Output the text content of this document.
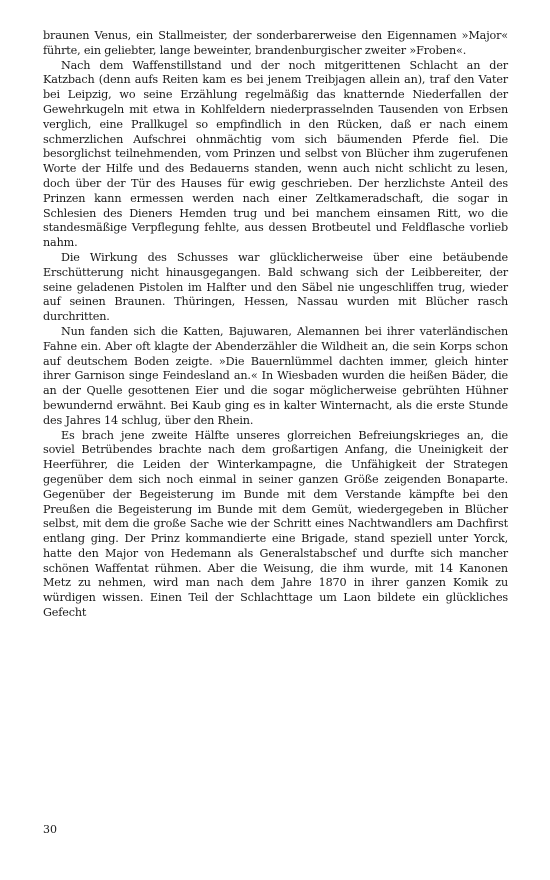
braunen Venus, ein Stallmeister, der sonderbarerweise den Eigennamen »Major« führte, ein geliebter, lange beweinter, brandenburgischer zweiter »Froben«.

Nach dem Waffenstillstand und der noch mitgerittenen Schlacht an der Katzbach (denn aufs Reiten kam es bei jenem Treibjagen allein an), traf den Vater bei Leipzig, wo seine Erzählung regelmäßig das knatternde Niederfallen der Gewehrkugeln mit etwa in Kohlfeldern niederprasselnden Tausenden von Erbsen verglich, eine Prallkugel so empfindlich in den Rücken, daß er nach einem schmerzlichen Aufschrei ohnmächtig vom sich bäumenden Pferde fiel. Die besorglichst teilnehmenden, vom Prinzen und selbst von Blücher ihm zugerufenen Worte der Hilfe und des Bedauerns standen, wenn auch nicht schlicht zu lesen, doch über der Tür des Hauses für ewig geschrieben. Der herzlichste Anteil des Prinzen kann ermessen werden nach einer Zeltkameradschaft, die sogar in Schlesien des Dieners Hemden trug und bei manchem einsamen Ritt, wo die standesmäßige Verpflegung fehlte, aus dessen Brotbeutel und Feldflasche vorlieb nahm.

Die Wirkung des Schusses war glücklicherweise über eine betäubende Erschütterung nicht hinausgegangen. Bald schwang sich der Leibbereiter, der seine geladenen Pistolen im Halfter und den Säbel nie ungeschliffen trug, wieder auf seinen Braunen. Thüringen, Hessen, Nassau wurden mit Blücher rasch durchritten.

Nun fanden sich die Katten, Bajuwaren, Alemannen bei ihrer vaterländischen Fahne ein. Aber oft klagte der Abenderzähler die Wildheit an, die sein Korps schon auf deutschem Boden zeigte. »Die Bauernlümmel dachten immer, gleich hinter ihrer Garnison singe Feindesland an.« In Wiesbaden wurden die heißen Bäder, die an der Quelle gesottenen Eier und die sogar möglicherweise gebrühten Hühner bewundernd erwähnt. Bei Kaub ging es in kalter Winternacht, als die erste Stunde des Jahres 14 schlug, über den Rhein.

Es brach jene zweite Hälfte unseres glorreichen Befreiungskrieges an, die soviel Betrübendes brachte nach dem großartigen Anfang, die Uneinigkeit der Heerführer, die Leiden der Winterkampagne, die Unfähigkeit der Strategen gegenüber dem sich noch einmal in seiner ganzen Größe zeigenden Bonaparte. Gegenüber der Begeisterung im Bunde mit dem Verstande kämpfte bei den Preußen die Begeisterung im Bunde mit dem Gemüt, wiedergegeben in Blücher selbst, mit dem die große Sache wie der Schritt eines Nachtwandlers am Dachfirst entlang ging. Der Prinz kommandierte eine Brigade, stand speziell unter Yorck, hatte den Major von Hedemann als Generalstabschef und durfte sich mancher schönen Waffentat rühmen. Aber die Weisung, die ihm wurde, mit 14 Kanonen Metz zu nehmen, wird man nach dem Jahre 1870 in ihrer ganzen Komik zu würdigen wissen. Einen Teil der Schlachttage um Laon bildete ein glückliches Gefecht

30
